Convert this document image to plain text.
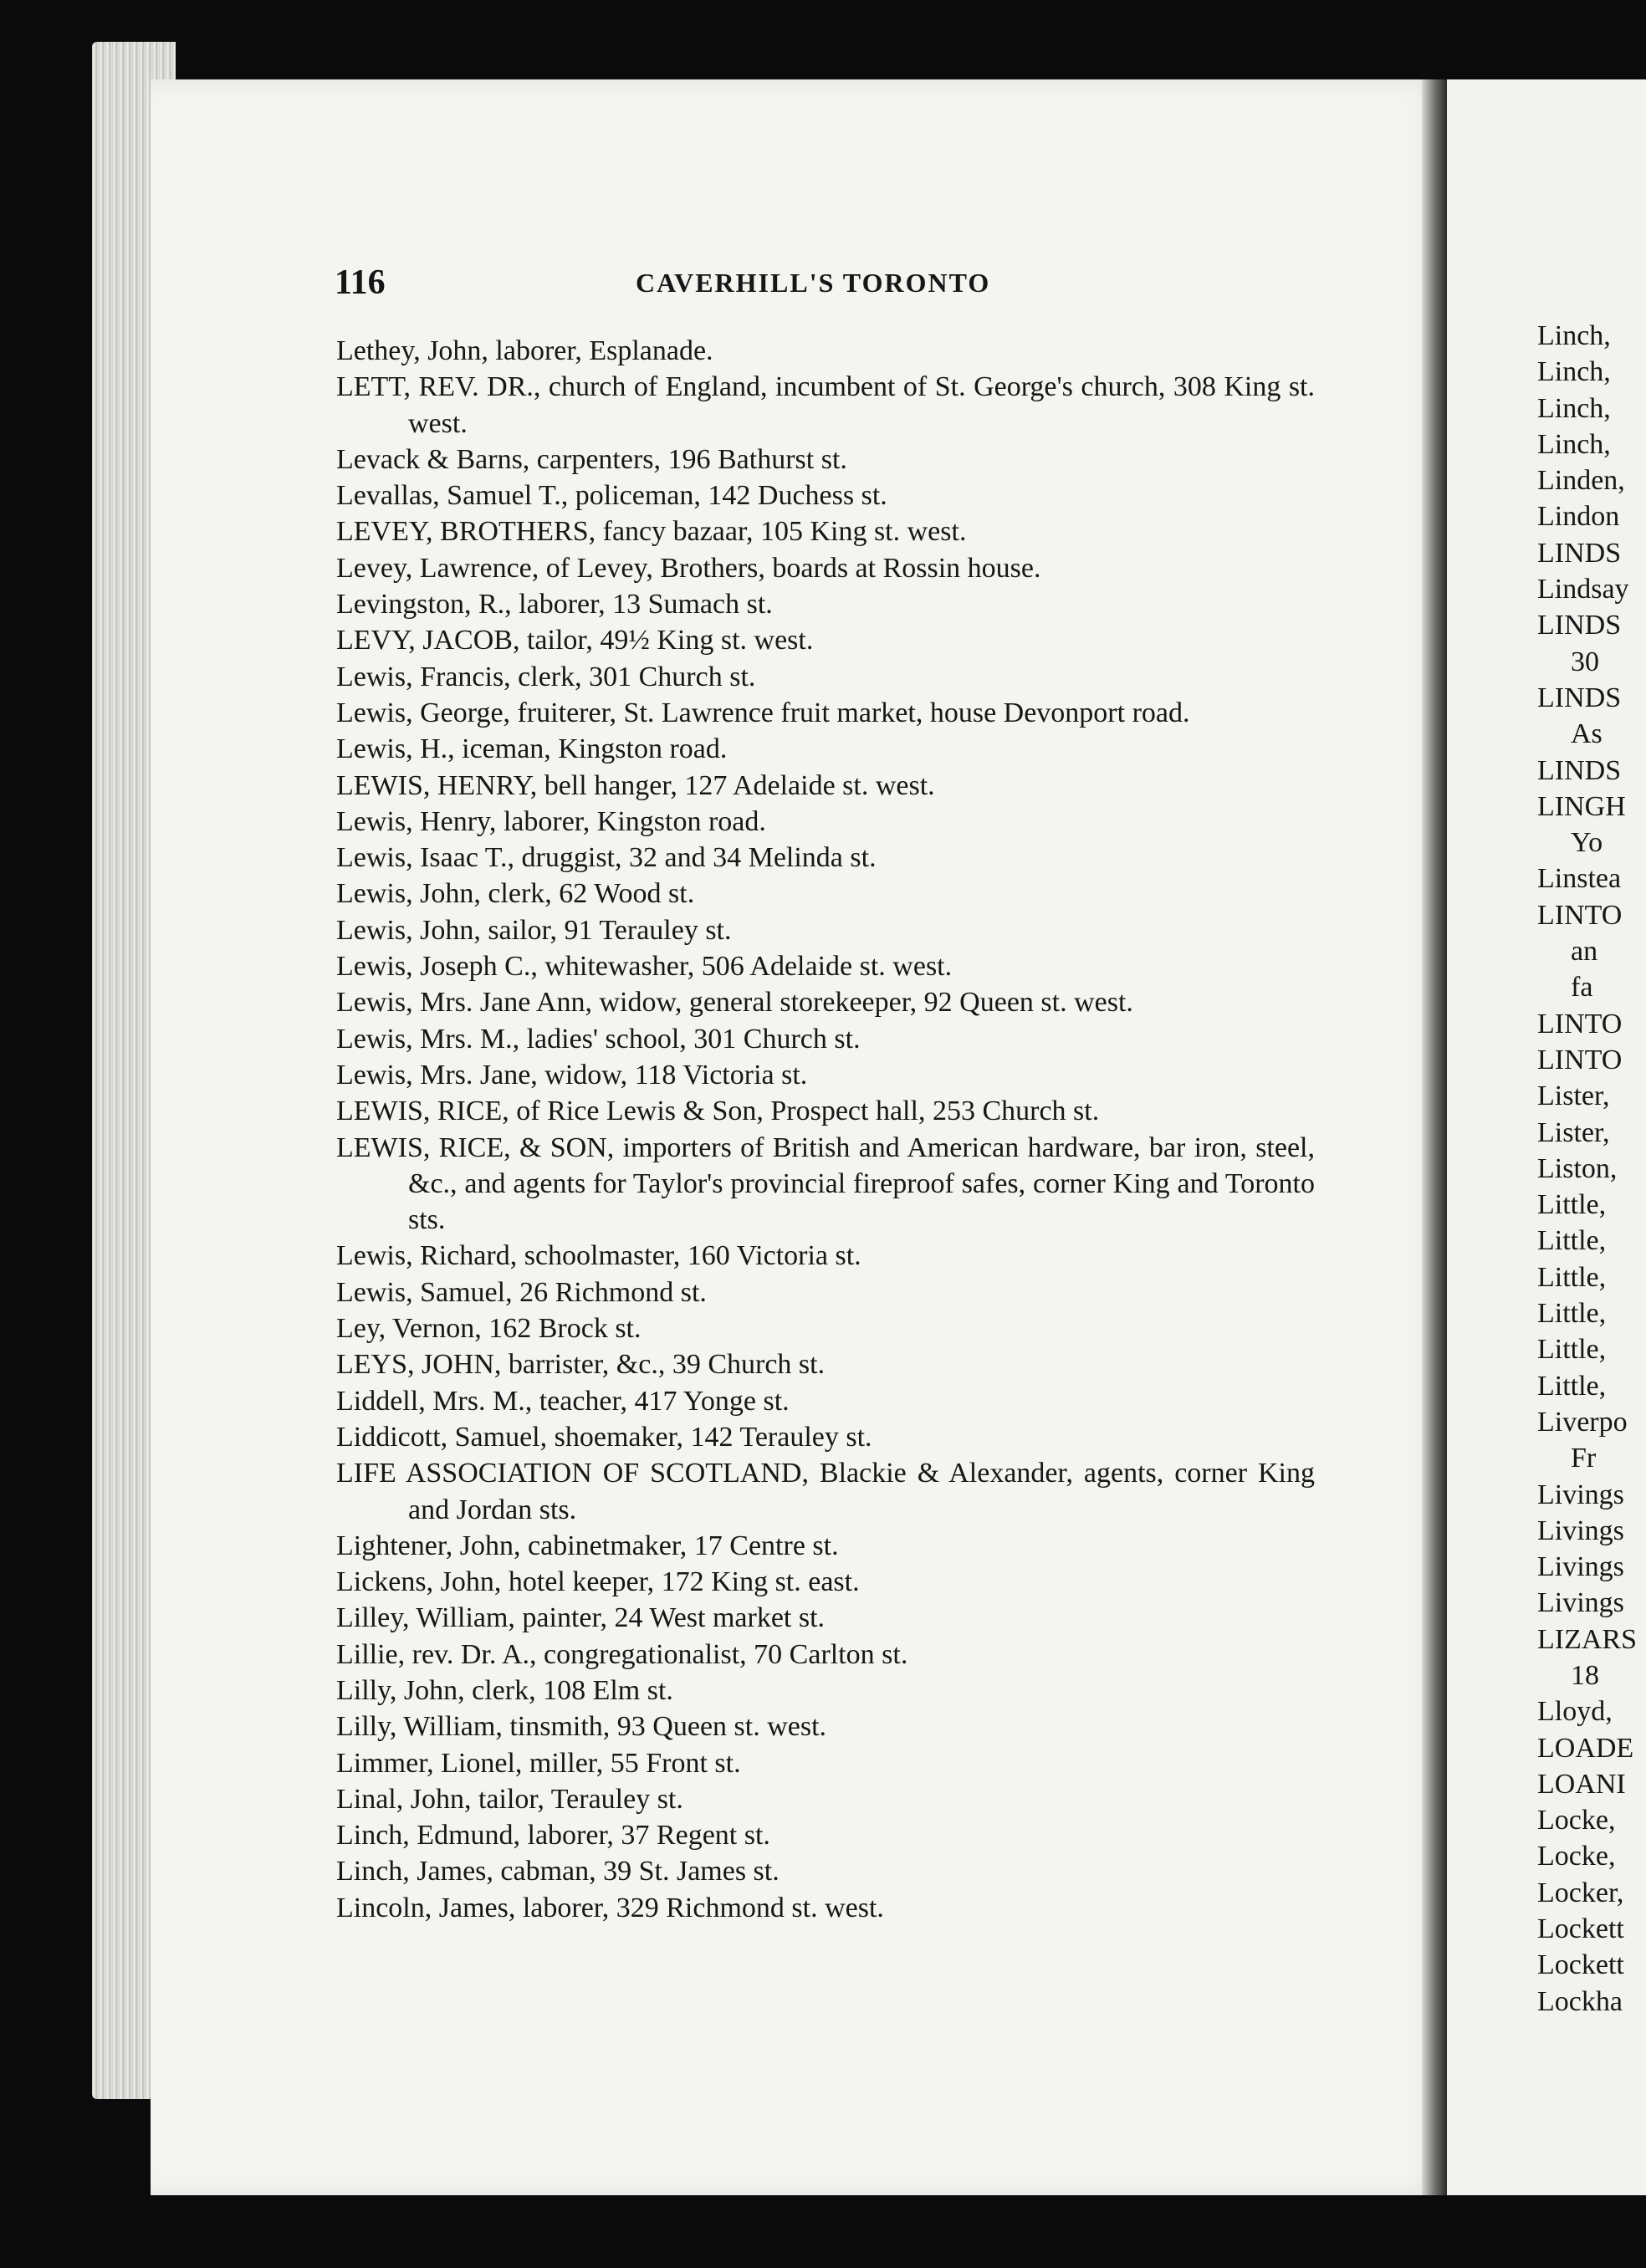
116	CAVERHILL'S TORONTO
Lethey, John, laborer, Esplanade.
LETT, REV. DR., church of England, incumbent of St. George's church, 308 King st. west.
Levack & Barns, carpenters, 196 Bathurst st.
Levallas, Samuel T., policeman, 142 Duchess st.
LEVEY, BROTHERS, fancy bazaar, 105 King st. west.
Levey, Lawrence, of Levey, Brothers, boards at Rossin house.
Levingston, R., laborer, 13 Sumach st.
LEVY, JACOB, tailor, 49½ King st. west.
Lewis, Francis, clerk, 301 Church st.
Lewis, George, fruiterer, St. Lawrence fruit market, house Devonport road.
Lewis, H., iceman, Kingston road.
LEWIS, HENRY, bell hanger, 127 Adelaide st. west.
Lewis, Henry, laborer, Kingston road.
Lewis, Isaac T., druggist, 32 and 34 Melinda st.
Lewis, John, clerk, 62 Wood st.
Lewis, John, sailor, 91 Terauley st.
Lewis, Joseph C., whitewasher, 506 Adelaide st. west.
Lewis, Mrs. Jane Ann, widow, general storekeeper, 92 Queen st. west.
Lewis, Mrs. M., ladies' school, 301 Church st.
Lewis, Mrs. Jane, widow, 118 Victoria st.
LEWIS, RICE, of Rice Lewis & Son, Prospect hall, 253 Church st.
LEWIS, RICE, & SON, importers of British and American hardware, bar iron, steel, &c., and agents for Taylor's provincial fireproof safes, corner King and Toronto sts.
Lewis, Richard, schoolmaster, 160 Victoria st.
Lewis, Samuel, 26 Richmond st.
Ley, Vernon, 162 Brock st.
LEYS, JOHN, barrister, &c., 39 Church st.
Liddell, Mrs. M., teacher, 417 Yonge st.
Liddicott, Samuel, shoemaker, 142 Terauley st.
LIFE ASSOCIATION OF SCOTLAND, Blackie & Alexander, agents, corner King and Jordan sts.
Lightener, John, cabinetmaker, 17 Centre st.
Lickens, John, hotel keeper, 172 King st. east.
Lilley, William, painter, 24 West market st.
Lillie, rev. Dr. A., congregationalist, 70 Carlton st.
Lilly, John, clerk, 108 Elm st.
Lilly, William, tinsmith, 93 Queen st. west.
Limmer, Lionel, miller, 55 Front st.
Linal, John, tailor, Terauley st.
Linch, Edmund, laborer, 37 Regent st.
Linch, James, cabman, 39 St. James st.
Lincoln, James, laborer, 329 Richmond st. west.
Linch,
Linch,
Linch,
Linch,
Linden,
Lindon
LINDS
Lindsay
LINDS
30
LINDS
As
LINDS
LINGH
Yo
Linstea
LINTO
an
fa
LINTO
LINTO
Lister,
Lister,
Liston,
Little,
Little,
Little,
Little,
Little,
Little,
Liverpo
Fr
Livings
Livings
Livings
Livings
LIZARS
18
Lloyd,
LOADE
LOANI
Locke,
Locke,
Locker,
Lockett
Lockett
Lockha
